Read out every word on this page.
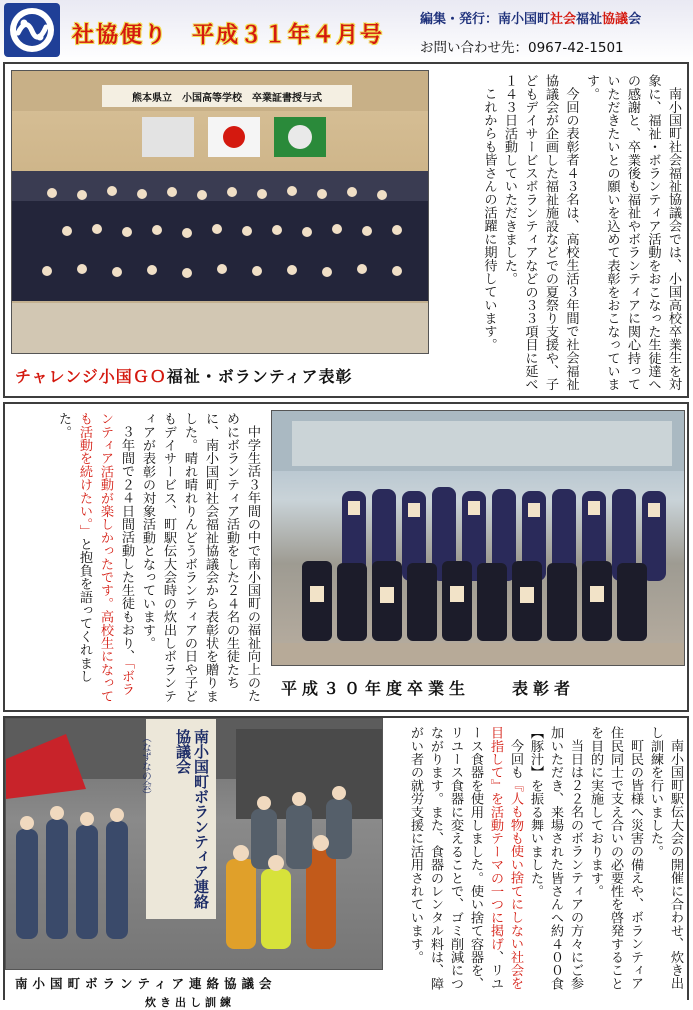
社協便り　平成３１年４月号
編集・発行：南小国町社会福祉協議会
お問い合わせ先：0967-42-1501
熊本県立　小国高等学校　卒業証書授与式
チャレンジ小国ＧＯ福祉・ボランティア表彰	南小国町社会福祉協議会では、小国高校卒業生を対象に、福祉・ボランティア活動をおこなった生徒達への感謝と、卒業後も福祉やボランティアに関心持っていただきたいとの願いを込めて表彰をおこなっています。

今回の表彰者４３名は、高校生活３年間で社会福祉協議会が企画した福祉施設などでの夏祭り支援や、子どもデイサービスボランティアなどの３３項目に延べ１４３日活動していただきました。

これからも皆さんの活躍に期待しています。

中学生活３年間の中で南小国町の福祉向上のためにボランティア活動をした２４名の生徒たちに、南小国町社会福祉協議会から表彰状を贈りました。晴れ晴れりんどうボランティアの日や子どもデイサービス、町駅伝大会時の炊出しボランティアが表彰の対象活動となっています。

３年間で２４日間活動した生徒もおり、「ボランティア活動が楽しかったです。高校生になっても活動を続けたい。」と抱負を語ってくれました。

平成３０年度卒業生　　表彰者
南小国町ボランティア連絡協議会
（なずなの会）
南小国町ボランティア連絡協議会
炊き出し訓練

南小国町駅伝大会の開催に合わせ、炊き出し訓練を行いました。

町民の皆様へ災害の備えや、ボランティア住民同士で支え合いの必要性を啓発することを目的に実施しております。

当日は２２名のボランティアの方々にご参加いただき、来場された皆さんへ約４００食【豚汁】を振る舞いました。

今回も『人も物も使い捨てにしない社会を目指して』を活動テーマの一つに掲げ、リユース食器を使用しました。使い捨て容器を、リユース食器に変えることで、ゴミ削減につながります。また、食器のレンタル料は、障がい者の就労支援に活用されています。
